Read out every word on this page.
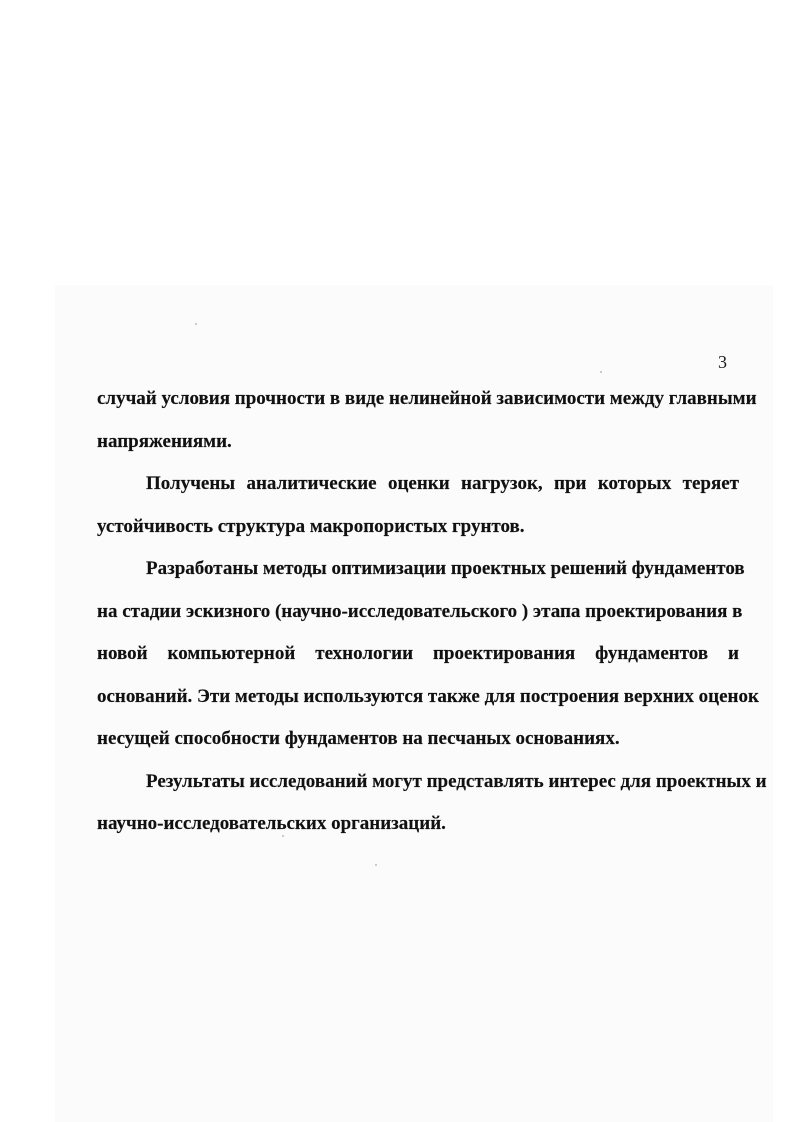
3
случай условия прочности в виде нелинейной зависимости между главными
напряжениями.
Получены аналитические оценки нагрузок, при которых теряет
устойчивость структура макропористых грунтов.
Разработаны методы оптимизации проектных решений фундаментов
на стадии эскизного (научно-исследовательского ) этапа проектирования в
новой компьютерной технологии проектирования фундаментов и
оснований. Эти методы используются также для построения верхних оценок
несущей способности фундаментов на песчаных основаниях.
Результаты исследований могут представлять интерес для проектных и
научно-исследовательских организаций.
